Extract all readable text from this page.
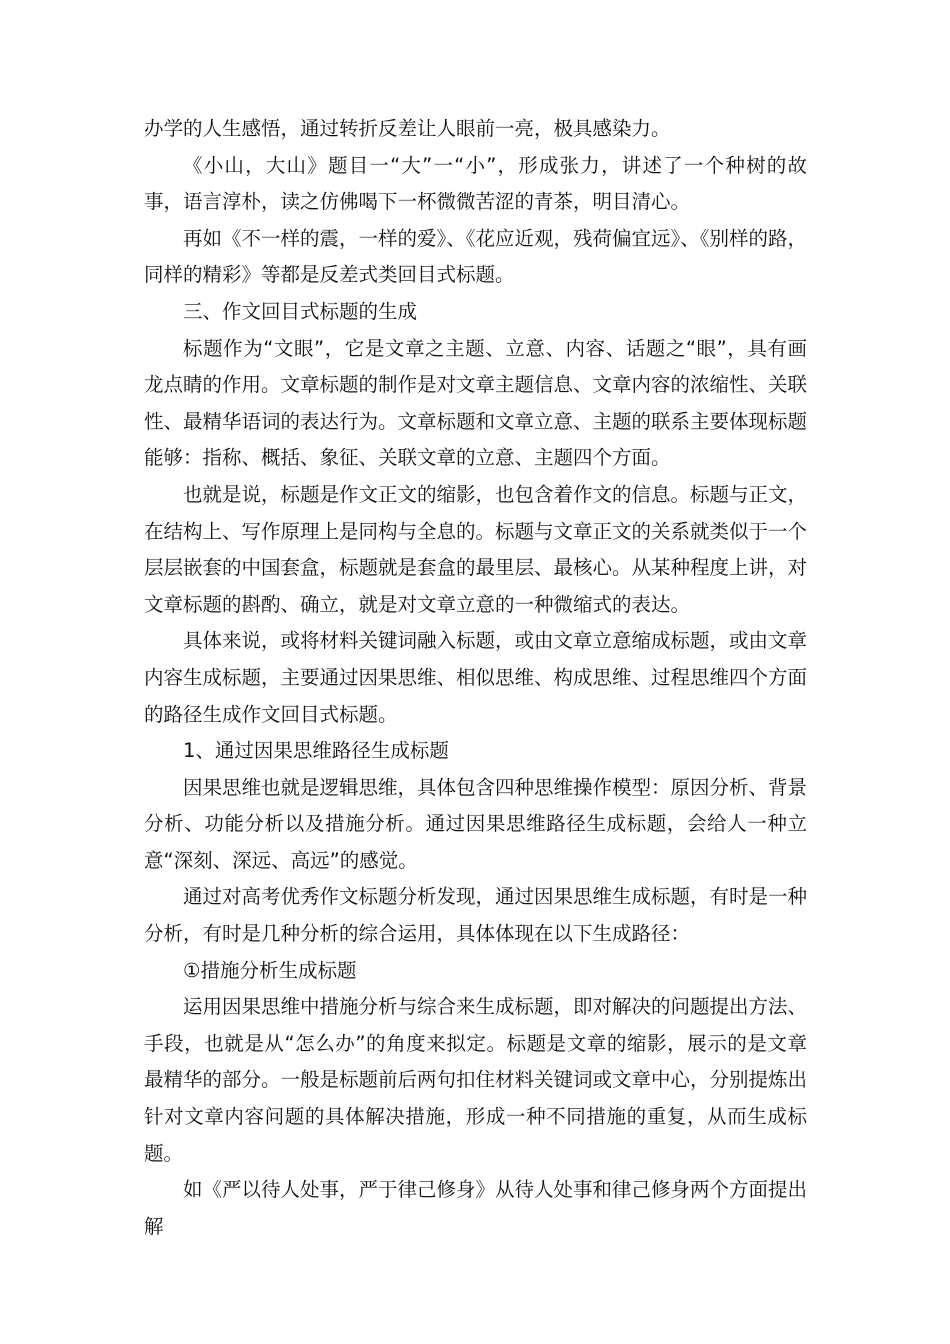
办学的人生感悟，通过转折反差让人眼前一亮，极具感染力。

《小山，大山》题目一“大”一“小”，形成张力，讲述了一个种树的故事，语言淳朴，读之仿佛喝下一杯微微苦涩的青茶，明目清心。

再如《不一样的震，一样的爱》、《花应近观，残荷偏宜远》、《别样的路，同样的精彩》等都是反差式类回目式标题。

三、作文回目式标题的生成

标题作为“文眼”，它是文章之主题、立意、内容、话题之“眼”，具有画龙点睛的作用。文章标题的制作是对文章主题信息、文章内容的浓缩性、关联性、最精华语词的表达行为。文章标题和文章立意、主题的联系主要体现标题能够：指称、概括、象征、关联文章的立意、主题四个方面。

也就是说，标题是作文正文的缩影，也包含着作文的信息。标题与正文，在结构上、写作原理上是同构与全息的。标题与文章正文的关系就类似于一个层层嵌套的中国套盒，标题就是套盒的最里层、最核心。从某种程度上讲，对文章标题的斟酌、确立，就是对文章立意的一种微缩式的表达。

具体来说，或将材料关键词融入标题，或由文章立意缩成标题，或由文章内容生成标题，主要通过因果思维、相似思维、构成思维、过程思维四个方面的路径生成作文回目式标题。

1、通过因果思维路径生成标题

因果思维也就是逻辑思维，具体包含四种思维操作模型：原因分析、背景分析、功能分析以及措施分析。通过因果思维路径生成标题，会给人一种立意“深刻、深远、高远”的感觉。

通过对高考优秀作文标题分析发现，通过因果思维生成标题，有时是一种分析，有时是几种分析的综合运用，具体体现在以下生成路径：

①措施分析生成标题

运用因果思维中措施分析与综合来生成标题，即对解决的问题提出方法、手段，也就是从“怎么办”的角度来拟定。标题是文章的缩影，展示的是文章最精华的部分。一般是标题前后两句扣住材料关键词或文章中心，分别提炼出针对文章内容问题的具体解决措施，形成一种不同措施的重复，从而生成标题。

如《严以待人处事，严于律己修身》从待人处事和律己修身两个方面提出解
